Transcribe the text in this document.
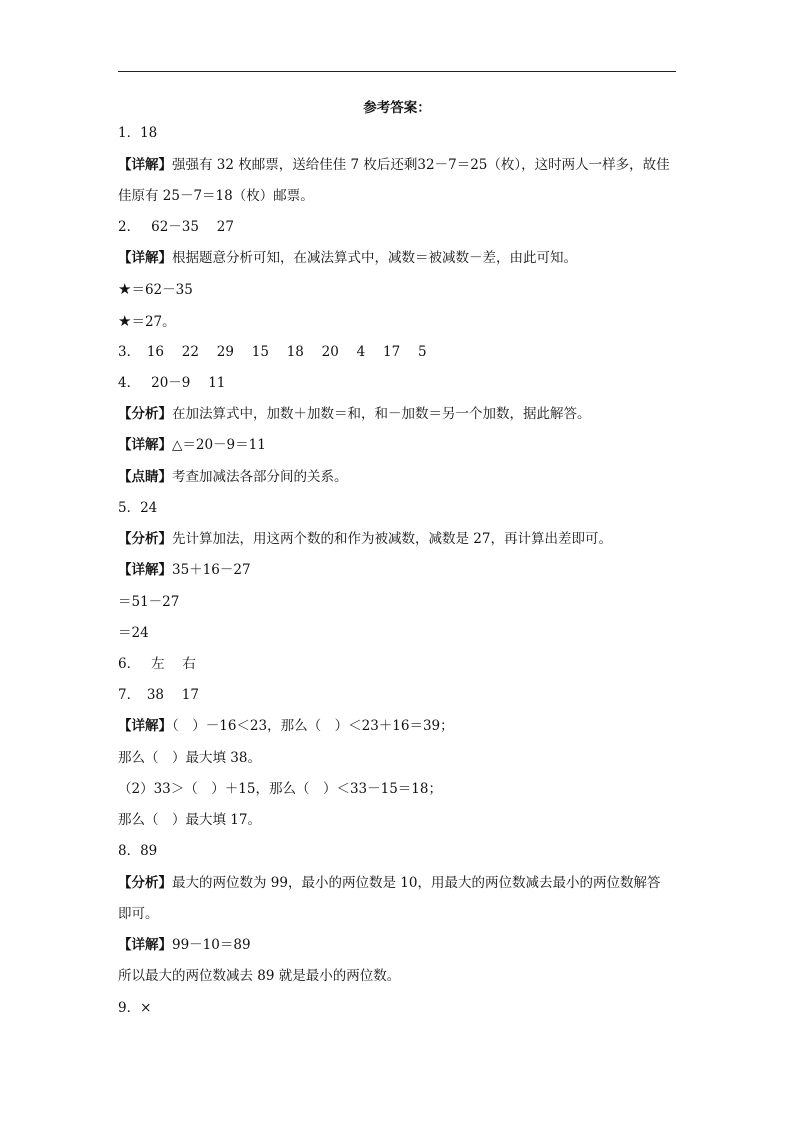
参考答案：
1．18
【详解】强强有 32 枚邮票，送给佳佳 7 枚后还剩32－7＝25（枚），这时两人一样多，故佳
佳原有 25－7＝18（枚）邮票。
2．　 62－35　 27
【详解】根据题意分析可知，在减法算式中，减数＝被减数－差，由此可知。
★＝62－35
★＝27。
3．　16　 22　 29　 15　 18　 20　 4　 17　 5
4．　 20－9　 11
【分析】在加法算式中，加数＋加数＝和，和－加数＝另一个加数，据此解答。
【详解】△＝20－9＝11
【点睛】考查加减法各部分间的关系。
5．24
【分析】先计算加法，用这两个数的和作为被减数，减数是 27，再计算出差即可。
【详解】35＋16－27
＝51－27
＝24
6．　 左　 右
7．　38　 17
【详解】（　）－16＜23，那么（　）＜23＋16＝39；
那么（　）最大填 38。
（2）33＞（　）＋15，那么（　）＜33－15＝18；
那么（　）最大填 17。
8．89
【分析】最大的两位数为 99，最小的两位数是 10，用最大的两位数减去最小的两位数解答
即可。
【详解】99－10＝89
所以最大的两位数减去 89 就是最小的两位数。
9．×
